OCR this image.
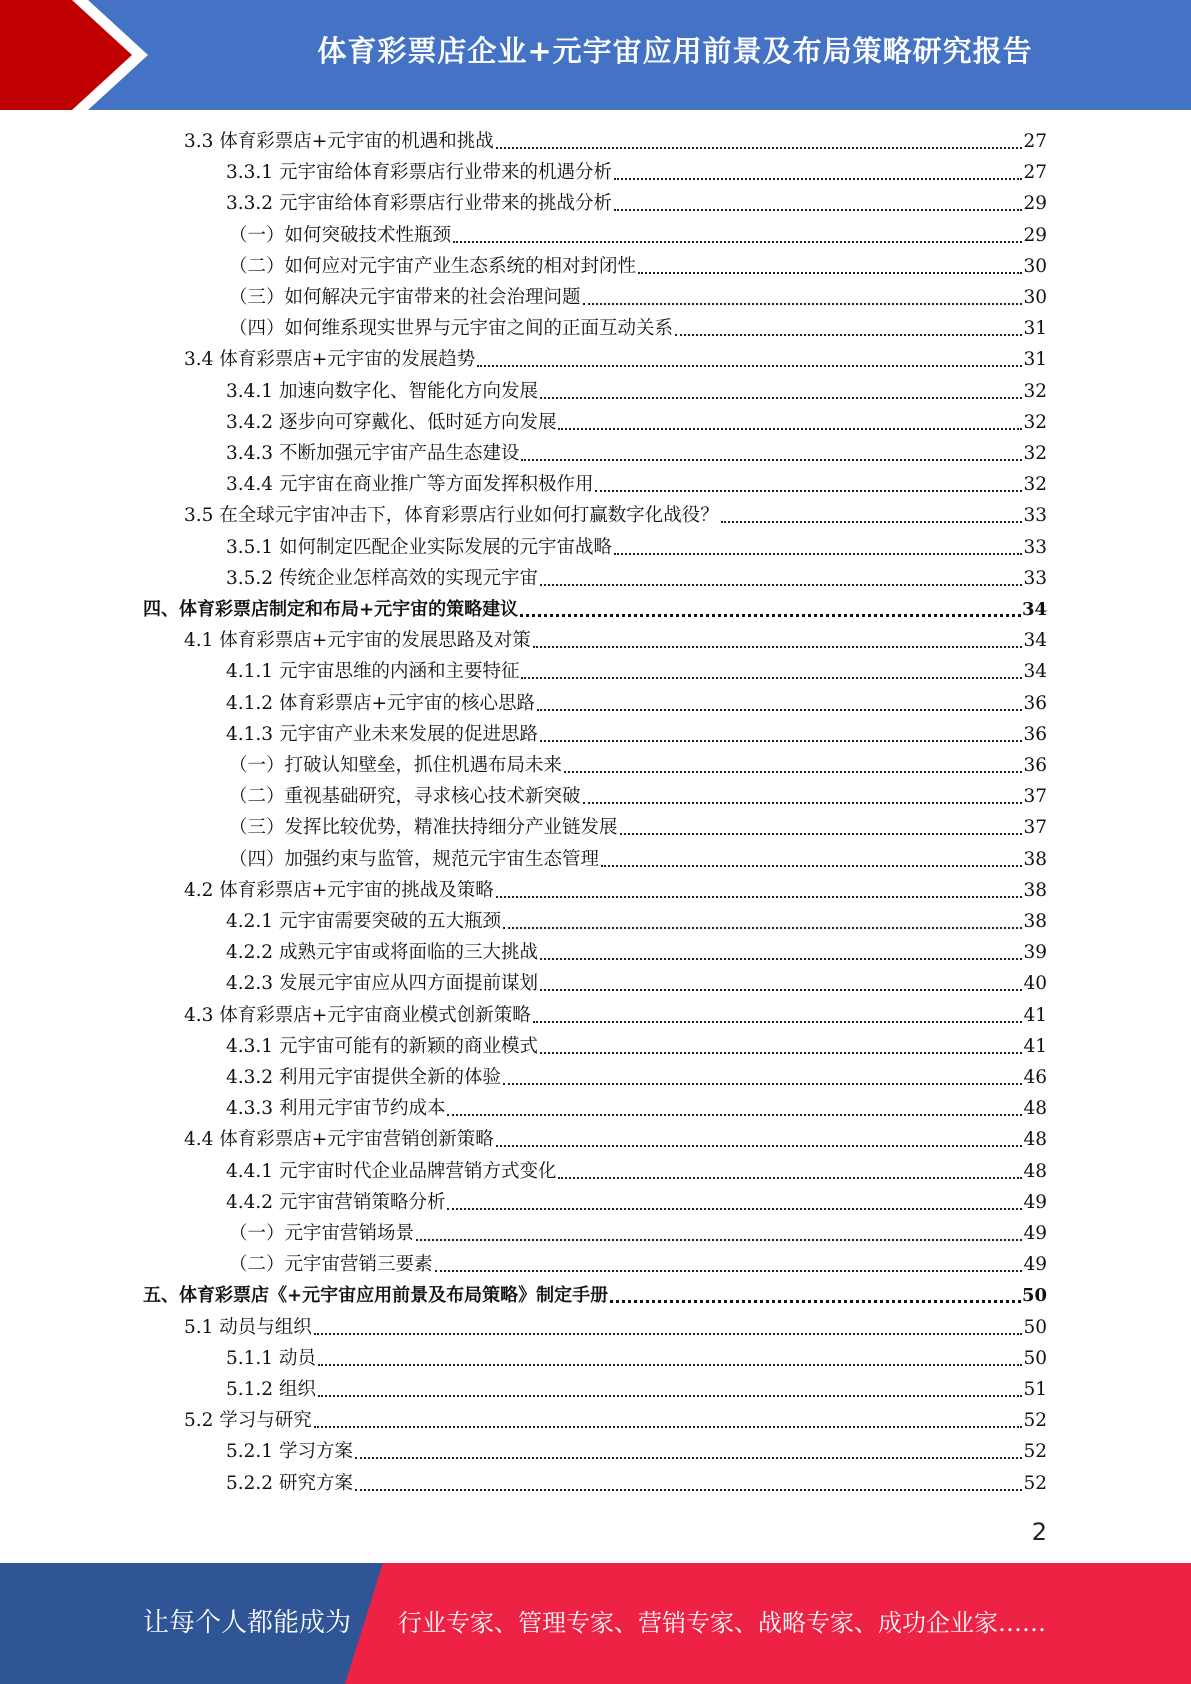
体育彩票店企业+元宇宙应用前景及布局策略研究报告
3.3 体育彩票店+元宇宙的机遇和挑战	27
3.3.1 元宇宙给体育彩票店行业带来的机遇分析	27
3.3.2 元宇宙给体育彩票店行业带来的挑战分析	29
（一）如何突破技术性瓶颈	29
（二）如何应对元宇宙产业生态系统的相对封闭性	30
（三）如何解决元宇宙带来的社会治理问题	30
（四）如何维系现实世界与元宇宙之间的正面互动关系	31
3.4 体育彩票店+元宇宙的发展趋势	31
3.4.1 加速向数字化、智能化方向发展	32
3.4.2 逐步向可穿戴化、低时延方向发展	32
3.4.3 不断加强元宇宙产品生态建设	32
3.4.4 元宇宙在商业推广等方面发挥积极作用	32
3.5 在全球元宇宙冲击下，体育彩票店行业如何打赢数字化战役？	33
3.5.1 如何制定匹配企业实际发展的元宇宙战略	33
3.5.2 传统企业怎样高效的实现元宇宙	33
四、体育彩票店制定和布局+元宇宙的策略建议	34
4.1 体育彩票店+元宇宙的发展思路及对策	34
4.1.1 元宇宙思维的内涵和主要特征	34
4.1.2 体育彩票店+元宇宙的核心思路	36
4.1.3 元宇宙产业未来发展的促进思路	36
（一）打破认知壁垒，抓住机遇布局未来	36
（二）重视基础研究，寻求核心技术新突破	37
（三）发挥比较优势，精准扶持细分产业链发展	37
（四）加强约束与监管，规范元宇宙生态管理	38
4.2 体育彩票店+元宇宙的挑战及策略	38
4.2.1 元宇宙需要突破的五大瓶颈	38
4.2.2 成熟元宇宙或将面临的三大挑战	39
4.2.3 发展元宇宙应从四方面提前谋划	40
4.3 体育彩票店+元宇宙商业模式创新策略	41
4.3.1 元宇宙可能有的新颖的商业模式	41
4.3.2 利用元宇宙提供全新的体验	46
4.3.3 利用元宇宙节约成本	48
4.4 体育彩票店+元宇宙营销创新策略	48
4.4.1 元宇宙时代企业品牌营销方式变化	48
4.4.2 元宇宙营销策略分析	49
（一）元宇宙营销场景	49
（二）元宇宙营销三要素	49
五、体育彩票店《+元宇宙应用前景及布局策略》制定手册	50
5.1 动员与组织	50
5.1.1 动员	50
5.1.2 组织	51
5.2 学习与研究	52
5.2.1 学习方案	52
5.2.2 研究方案	52
2
让每个人都能成为 行业专家、管理专家、营销专家、战略专家、成功企业家……
